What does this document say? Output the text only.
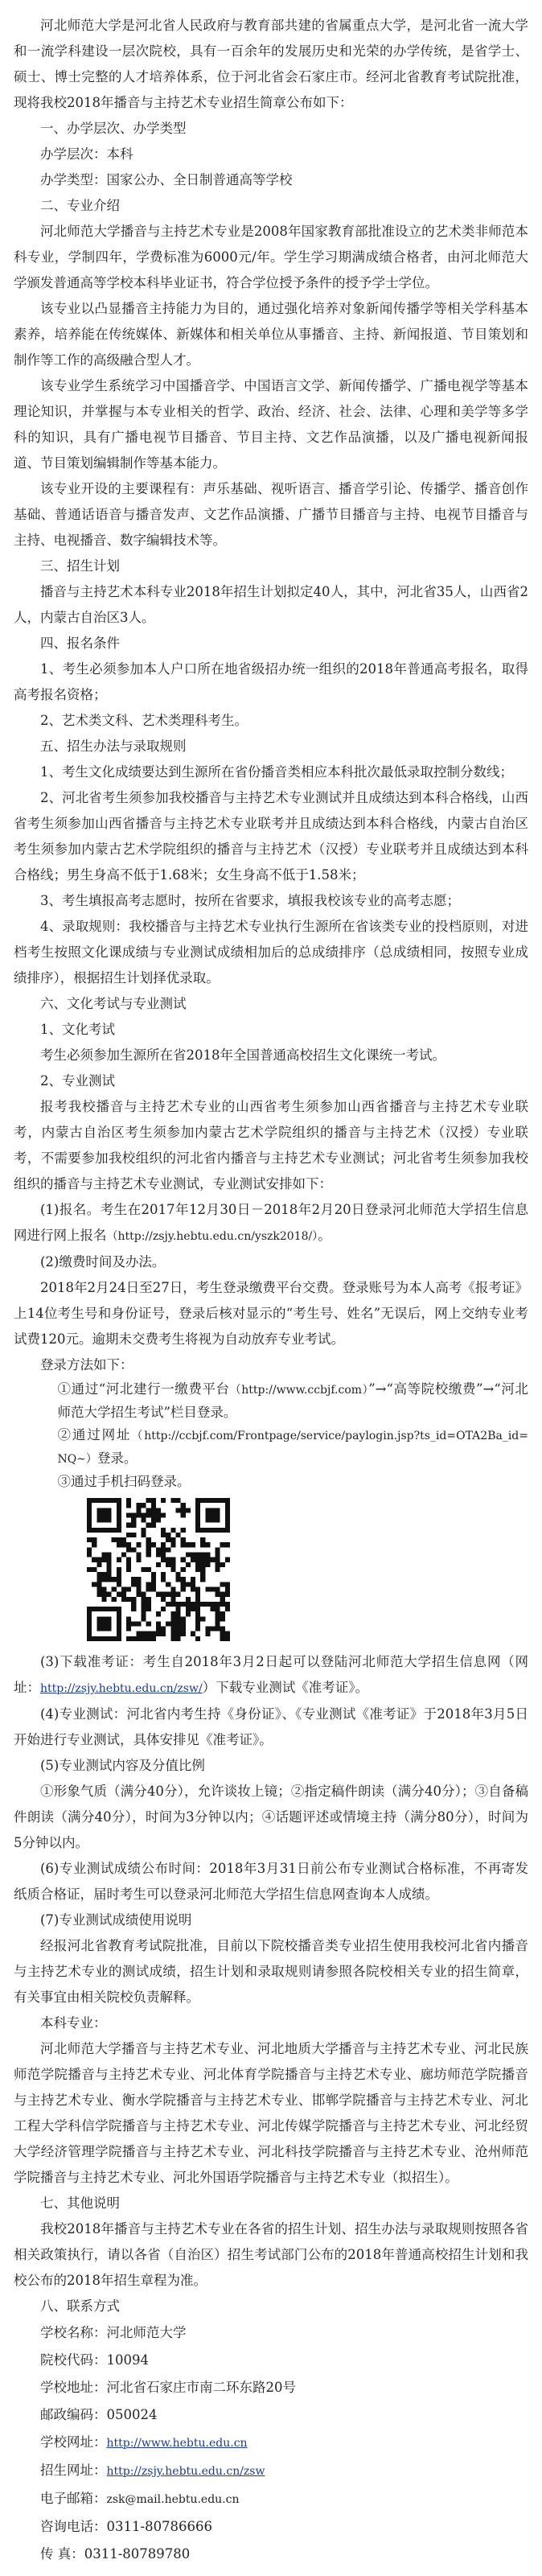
河北师范大学是河北省人民政府与教育部共建的省属重点大学，是河北省一流大学和一流学科建设一层次院校，具有一百余年的发展历史和光荣的办学传统，是省学士、硕士、博士完整的人才培养体系，位于河北省会石家庄市。经河北省教育考试院批准，现将我校2018年播音与主持艺术专业招生简章公布如下：

一、办学层次、办学类型

办学层次：本科

办学类型：国家公办、全日制普通高等学校

二、专业介绍

河北师范大学播音与主持艺术专业是2008年国家教育部批准设立的艺术类非师范本科专业，学制四年，学费标准为6000元/年。学生学习期满成绩合格者，由河北师范大学颁发普通高等学校本科毕业证书，符合学位授予条件的授予学士学位。

该专业以凸显播音主持能力为目的，通过强化培养对象新闻传播学等相关学科基本素养，培养能在传统媒体、新媒体和相关单位从事播音、主持、新闻报道、节目策划和制作等工作的高级融合型人才。

该专业学生系统学习中国播音学、中国语言文学、新闻传播学、广播电视学等基本理论知识，并掌握与本专业相关的哲学、政治、经济、社会、法律、心理和美学等多学科的知识，具有广播电视节目播音、节目主持、文艺作品演播，以及广播电视新闻报道、节目策划编辑制作等基本能力。

该专业开设的主要课程有：声乐基础、视听语言、播音学引论、传播学、播音创作基础、普通话语音与播音发声、文艺作品演播、广播节目播音与主持、电视节目播音与主持、电视播音、数字编辑技术等。

三、招生计划

播音与主持艺术本科专业2018年招生计划拟定40人，其中，河北省35人，山西省2人，内蒙古自治区3人。

四、报名条件

1、考生必须参加本人户口所在地省级招办统一组织的2018年普通高考报名，取得高考报名资格；

2、艺术类文科、艺术类理科考生。

五、招生办法与录取规则

1、考生文化成绩要达到生源所在省份播音类相应本科批次最低录取控制分数线；

2、河北省考生须参加我校播音与主持艺术专业测试并且成绩达到本科合格线，山西省考生须参加山西省播音与主持艺术专业联考并且成绩达到本科合格线，内蒙古自治区考生须参加内蒙古艺术学院组织的播音与主持艺术（汉授）专业联考并且成绩达到本科合格线；男生身高不低于1.68米；女生身高不低于1.58米；

3、考生填报高考志愿时，按所在省要求，填报我校该专业的高考志愿；

4、录取规则：我校播音与主持艺术专业执行生源所在省该类专业的投档原则，对进档考生按照文化课成绩与专业测试成绩相加后的总成绩排序（总成绩相同，按照专业成绩排序），根据招生计划择优录取。

六、文化考试与专业测试

1、文化考试

考生必须参加生源所在省2018年全国普通高校招生文化课统一考试。

2、专业测试

报考我校播音与主持艺术专业的山西省考生须参加山西省播音与主持艺术专业联考，内蒙古自治区考生须参加内蒙古艺术学院组织的播音与主持艺术（汉授）专业联考，不需要参加我校组织的河北省内播音与主持艺术专业测试；河北省考生须参加我校组织的播音与主持艺术专业测试，专业测试安排如下：

(1)报名。考生在2017年12月30日－2018年2月20日登录河北师范大学招生信息网进行网上报名（http://zsjy.hebtu.edu.cn/yszk2018/）。

(2)缴费时间及办法。

2018年2月24日至27日，考生登录缴费平台交费。登录账号为本人高考《报考证》上14位考生号和身份证号，登录后核对显示的“考生号、姓名”无误后，网上交纳专业考试费120元。逾期未交费考生将视为自动放弃专业考试。

登录方法如下：

①通过“河北建行一缴费平台（http://www.ccbjf.com）”→“高等院校缴费”→“河北师范大学招生考试”栏目登录。

②通过网址（http://ccbjf.com/Frontpage/service/paylogin.jsp?ts_id=OTA2Ba_id=NQ~）登录。

③通过手机扫码登录。

(3)下载准考证：考生自2018年3月2日起可以登陆河北师范大学招生信息网（网址：http://zsjy.hebtu.edu.cn/zsw/）下载专业测试《准考证》。

(4)专业测试：河北省内考生持《身份证》、《专业测试《准考证》于2018年3月5日开始进行专业测试，具体安排见《准考证》。

(5)专业测试内容及分值比例

①形象气质（满分40分），允许谈妆上镜；②指定稿件朗读（满分40分）；③自备稿件朗读（满分40分），时间为3分钟以内；④话题评述或情境主持（满分80分），时间为5分钟以内。

(6)专业测试成绩公布时间：2018年3月31日前公布专业测试合格标准，不再寄发纸质合格证，届时考生可以登录河北师范大学招生信息网查询本人成绩。

(7)专业测试成绩使用说明

经报河北省教育考试院批准，目前以下院校播音类专业招生使用我校河北省内播音与主持艺术专业的测试成绩，招生计划和录取规则请参照各院校相关专业的招生简章，有关事宜由相关院校负责解释。

本科专业：

河北师范大学播音与主持艺术专业、河北地质大学播音与主持艺术专业、河北民族师范学院播音与主持艺术专业、河北体育学院播音与主持艺术专业、廊坊师范学院播音与主持艺术专业、衡水学院播音与主持艺术专业、邯郸学院播音与主持艺术专业、河北工程大学科信学院播音与主持艺术专业、河北传媒学院播音与主持艺术专业、河北经贸大学经济管理学院播音与主持艺术专业、河北科技学院播音与主持艺术专业、沧州师范学院播音与主持艺术专业、河北外国语学院播音与主持艺术专业（拟招生）。

七、其他说明

我校2018年播音与主持艺术专业在各省的招生计划、招生办法与录取规则按照各省相关政策执行，请以各省（自治区）招生考试部门公布的2018年普通高校招生计划和我校公布的2018年招生章程为准。

八、联系方式

学校名称：河北师范大学

院校代码：10094

学校地址：河北省石家庄市南二环东路20号

邮政编码：050024

学校网址：http://www.hebtu.edu.cn

招生网址：http://zsjy.hebtu.edu.cn/zsw

电子邮箱：zsk@mail.hebtu.edu.cn

咨询电话：0311-80786666

传 真：0311-80789780
